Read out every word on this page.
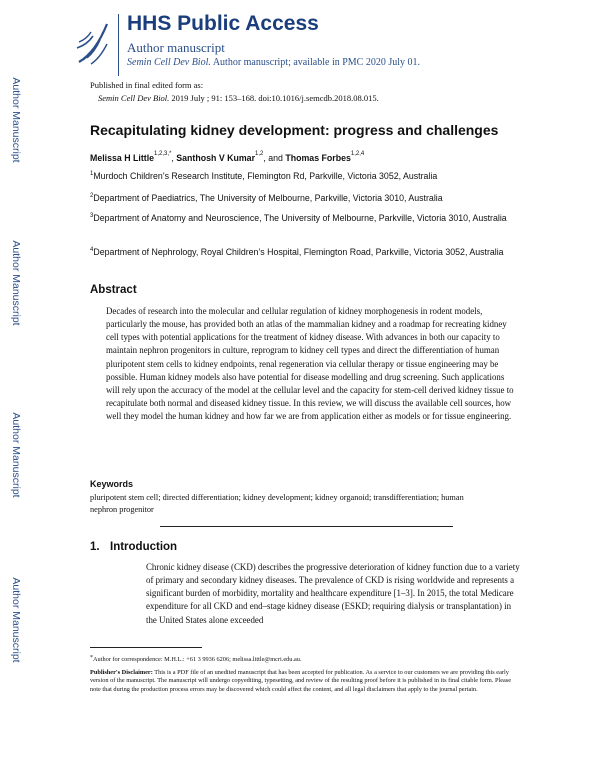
Author Manuscript
Author Manuscript
Author Manuscript
Author Manuscript
HHS Public Access
Author manuscript
Semin Cell Dev Biol. Author manuscript; available in PMC 2020 July 01.
Published in final edited form as:
Semin Cell Dev Biol. 2019 July ; 91: 153–168. doi:10.1016/j.semcdb.2018.08.015.
Recapitulating kidney development: progress and challenges
Melissa H Little$^{1,2,3,*}$, Santhosh V Kumar$^{1,2}$, and Thomas Forbes$^{1,2,4}$
$^1$Murdoch Children’s Research Institute, Flemington Rd, Parkville, Victoria 3052, Australia
$^2$Department of Paediatrics, The University of Melbourne, Parkville, Victoria 3010, Australia
$^3$Department of Anatomy and Neuroscience, The University of Melbourne, Parkville, Victoria 3010, Australia
$^4$Department of Nephrology, Royal Children’s Hospital, Flemington Road, Parkville, Victoria 3052, Australia
Abstract
Decades of research into the molecular and cellular regulation of kidney morphogenesis in rodent models, particularly the mouse, has provided both an atlas of the mammalian kidney and a roadmap for recreating kidney cell types with potential applications for the treatment of kidney disease. With advances in both our capacity to maintain nephron progenitors in culture, reprogram to kidney cell types and direct the differentiation of human pluripotent stem cells to kidney endpoints, renal regeneration via cellular therapy or tissue engineering may be possible. Human kidney models also have potential for disease modelling and drug screening. Such applications will rely upon the accuracy of the model at the cellular level and the capacity for stem-cell derived kidney tissue to recapitulate both normal and diseased kidney tissue. In this review, we will discuss the available cell sources, how well they model the human kidney and how far we are from application either as models or for tissue engineering.
Keywords
pluripotent stem cell; directed differentiation; kidney development; kidney organoid; transdifferentiation; human nephron progenitor
1. Introduction
Chronic kidney disease (CKD) describes the progressive deterioration of kidney function due to a variety of primary and secondary kidney diseases. The prevalence of CKD is rising worldwide and represents a significant burden of morbidity, mortality and healthcare expenditure [1–3]. In 2015, the total Medicare expenditure for all CKD and end–stage kidney disease (ESKD; requiring dialysis or transplantation) in the United States alone exceeded
*Author for correspondence: M.H.L.: +61 3 9936 6206; melissa.little@mcri.edu.au.
Publisher's Disclaimer: This is a PDF file of an unedited manuscript that has been accepted for publication. As a service to our customers we are providing this early version of the manuscript. The manuscript will undergo copyediting, typesetting, and review of the resulting proof before it is published in its final citable form. Please note that during the production process errors may be discovered which could affect the content, and all legal disclaimers that apply to the journal pertain.
